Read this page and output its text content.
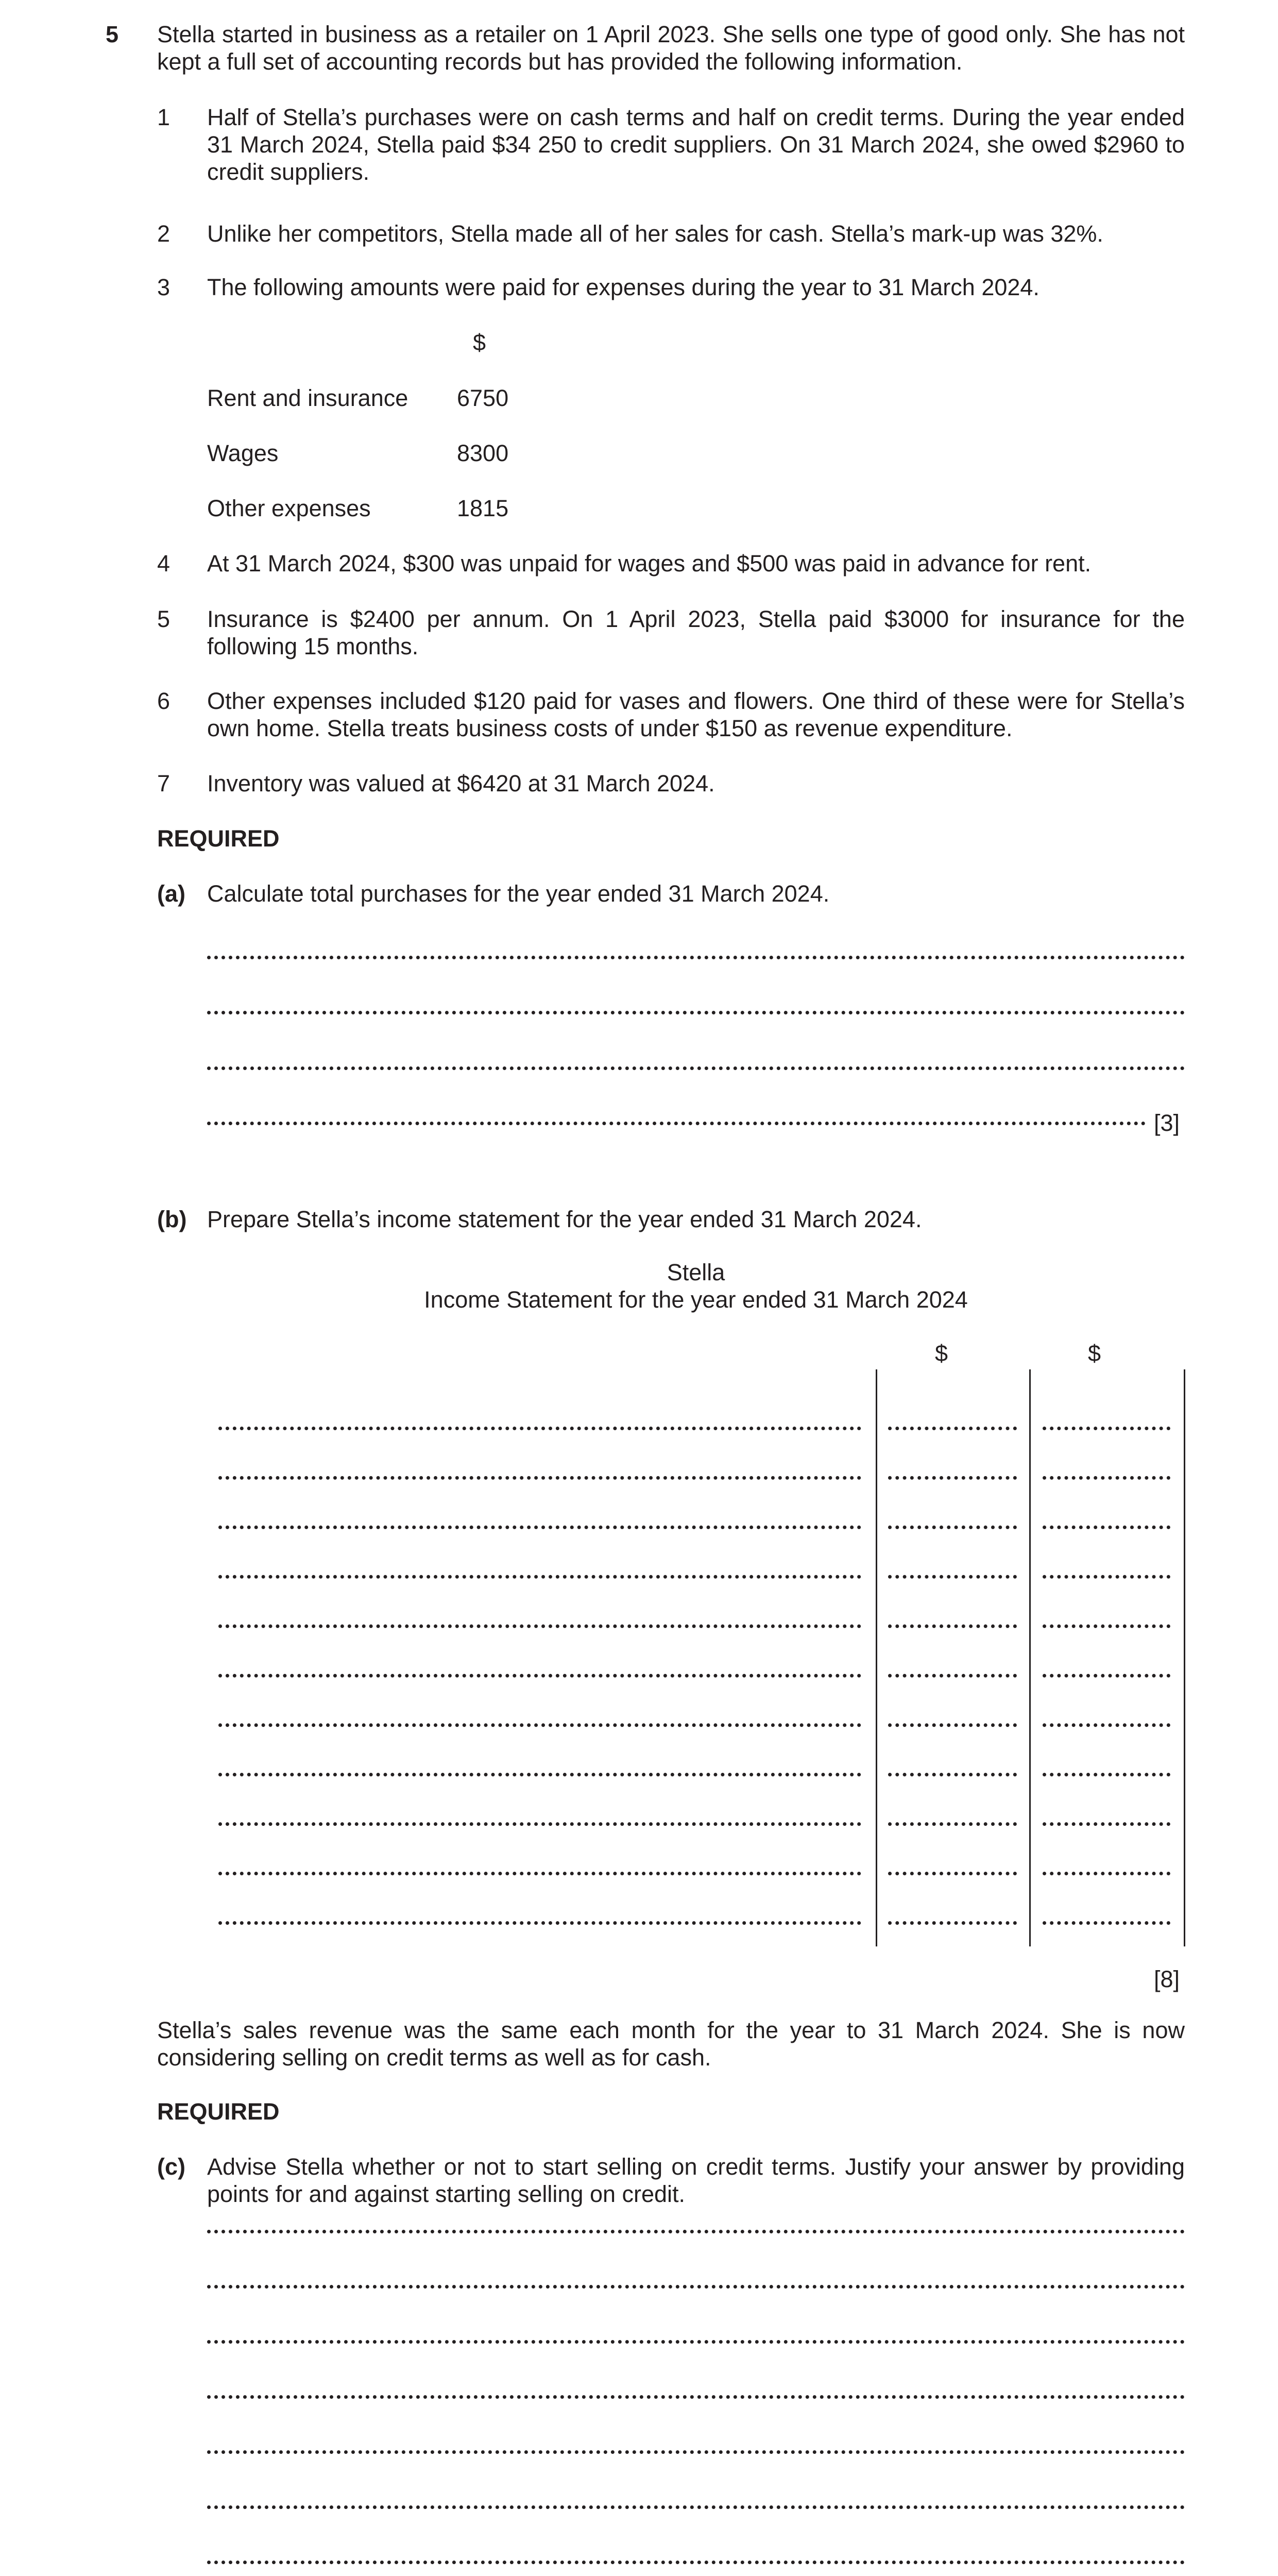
5 Stella started in business as a retailer on 1 April 2023. She sells one type of good only. She has not kept a full set of accounting records but has provided the following information.
1 Half of Stella’s purchases were on cash terms and half on credit terms. During the year ended 31 March 2024, Stella paid $34 250 to credit suppliers. On 31 March 2024, she owed $2960 to credit suppliers.
2 Unlike her competitors, Stella made all of her sales for cash. Stella’s mark-up was 32%.
3 The following amounts were paid for expenses during the year to 31 March 2024.
$
Rent and insurance 6750
Wages	8300
Other expenses	1815
4 At 31 March 2024, $300 was unpaid for wages and $500 was paid in advance for rent.
5 Insurance is $2400 per annum. On 1 April 2023, Stella paid $3000 for insurance for the following 15 months.
6 Other expenses included $120 paid for vases and flowers. One third of these were for Stella’s own home. Stella treats business costs of under $150 as revenue expenditure.
7 Inventory was valued at $6420 at 31 March 2024.
REQUIRED
(a) Calculate total purchases for the year ended 31 March 2024.
[3]
(b) Prepare Stella’s income statement for the year ended 31 March 2024.
Stella
Income Statement for the year ended 31 March 2024
$	$
[8]
Stella’s sales revenue was the same each month for the year to 31 March 2024. She is now considering selling on credit terms as well as for cash.
REQUIRED
(c) Advise Stella whether or not to start selling on credit terms. Justify your answer by providing points for and against starting selling on credit.
